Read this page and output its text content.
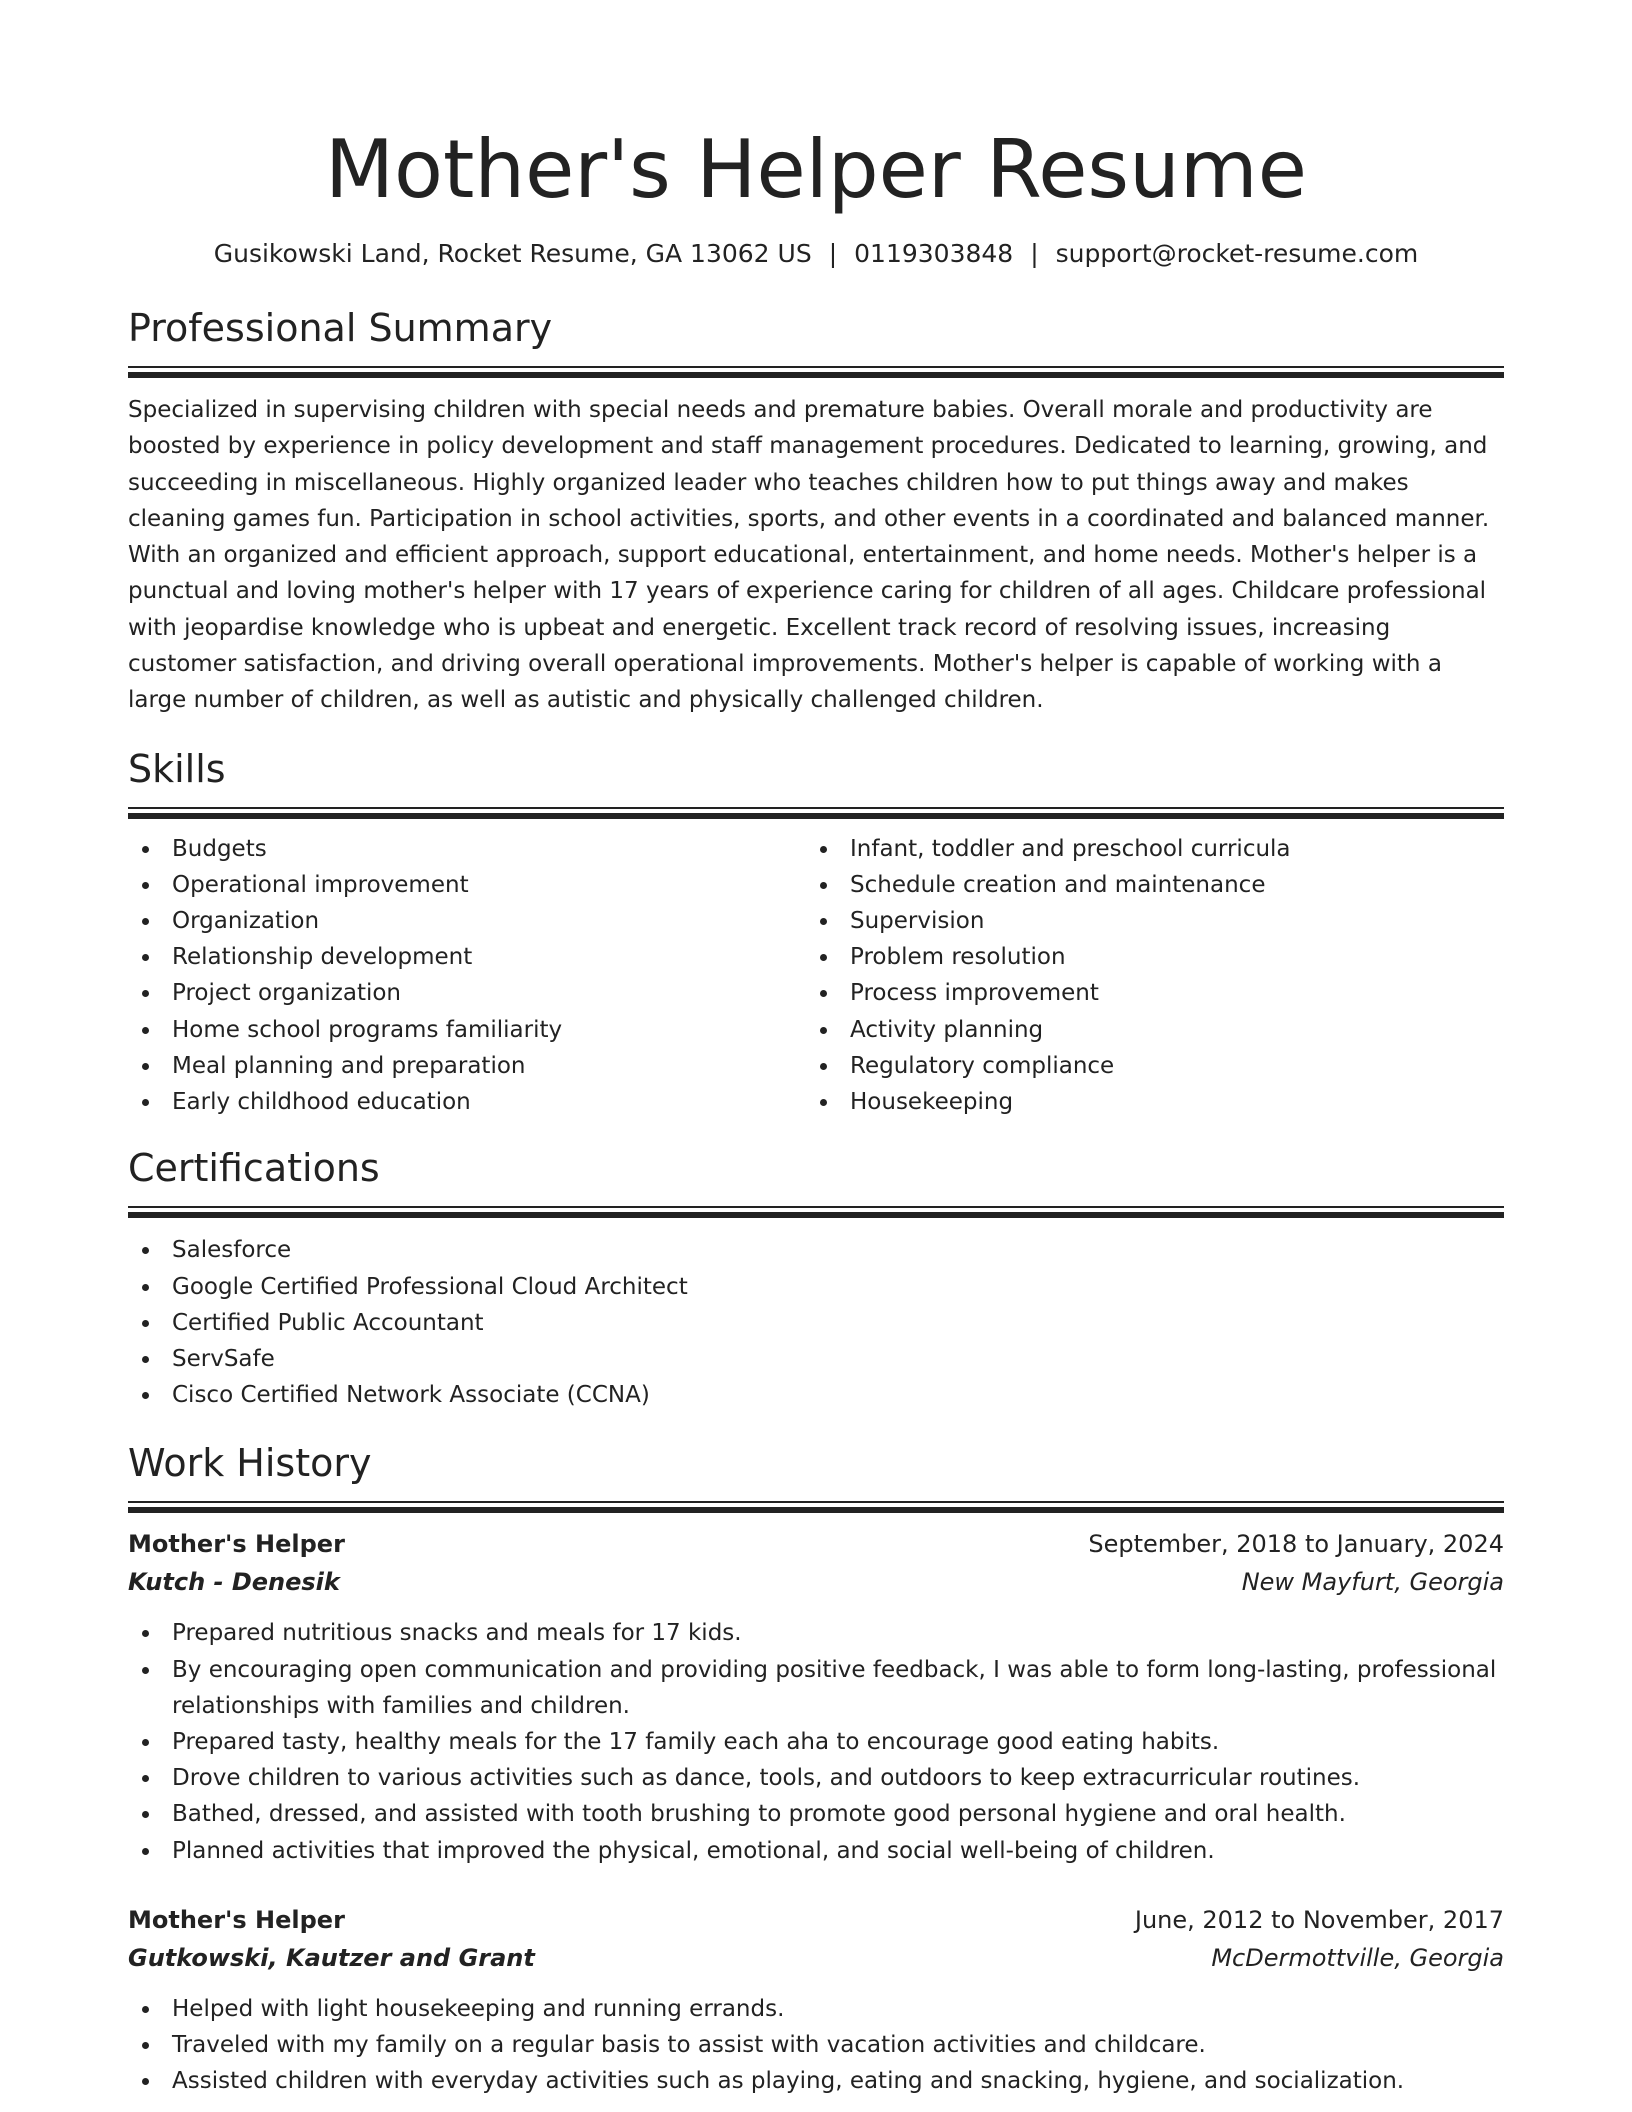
Mother's Helper Resume
Gusikowski Land, Rocket Resume, GA 13062 US | 0119303848 | support@rocket-resume.com
Professional Summary

Specialized in supervising children with special needs and premature babies. Overall morale and productivity are boosted by experience in policy development and staff management procedures. Dedicated to learning, growing, and succeeding in miscellaneous. Highly organized leader who teaches children how to put things away and makes cleaning games fun. Participation in school activities, sports, and other events in a coordinated and balanced manner. With an organized and efficient approach, support educational, entertainment, and home needs. Mother's helper is a punctual and loving mother's helper with 17 years of experience caring for children of all ages. Childcare professional with jeopardise knowledge who is upbeat and energetic. Excellent track record of resolving issues, increasing customer satisfaction, and driving overall operational improvements. Mother's helper is capable of working with a large number of children, as well as autistic and physically challenged children.

Skills
Budgets
Operational improvement
Organization
Relationship development
Project organization
Home school programs familiarity
Meal planning and preparation
Early childhood education
Infant, toddler and preschool curricula
Schedule creation and maintenance
Supervision
Problem resolution
Process improvement
Activity planning
Regulatory compliance
Housekeeping
Certifications
Salesforce
Google Certified Professional Cloud Architect
Certified Public Accountant
ServSafe
Cisco Certified Network Associate (CCNA)
Work History
Mother's Helper	September, 2018 to January, 2024
Kutch - Denesik	New Mayfurt, Georgia
Prepared nutritious snacks and meals for 17 kids.
By encouraging open communication and providing positive feedback, I was able to form long-lasting, professional relationships with families and children.
Prepared tasty, healthy meals for the 17 family each aha to encourage good eating habits.
Drove children to various activities such as dance, tools, and outdoors to keep extracurricular routines.
Bathed, dressed, and assisted with tooth brushing to promote good personal hygiene and oral health.
Planned activities that improved the physical, emotional, and social well-being of children.
Mother's Helper	June, 2012 to November, 2017
Gutkowski, Kautzer and Grant	McDermottville, Georgia
Helped with light housekeeping and running errands.
Traveled with my family on a regular basis to assist with vacation activities and childcare.
Assisted children with everyday activities such as playing, eating and snacking, hygiene, and socialization.
